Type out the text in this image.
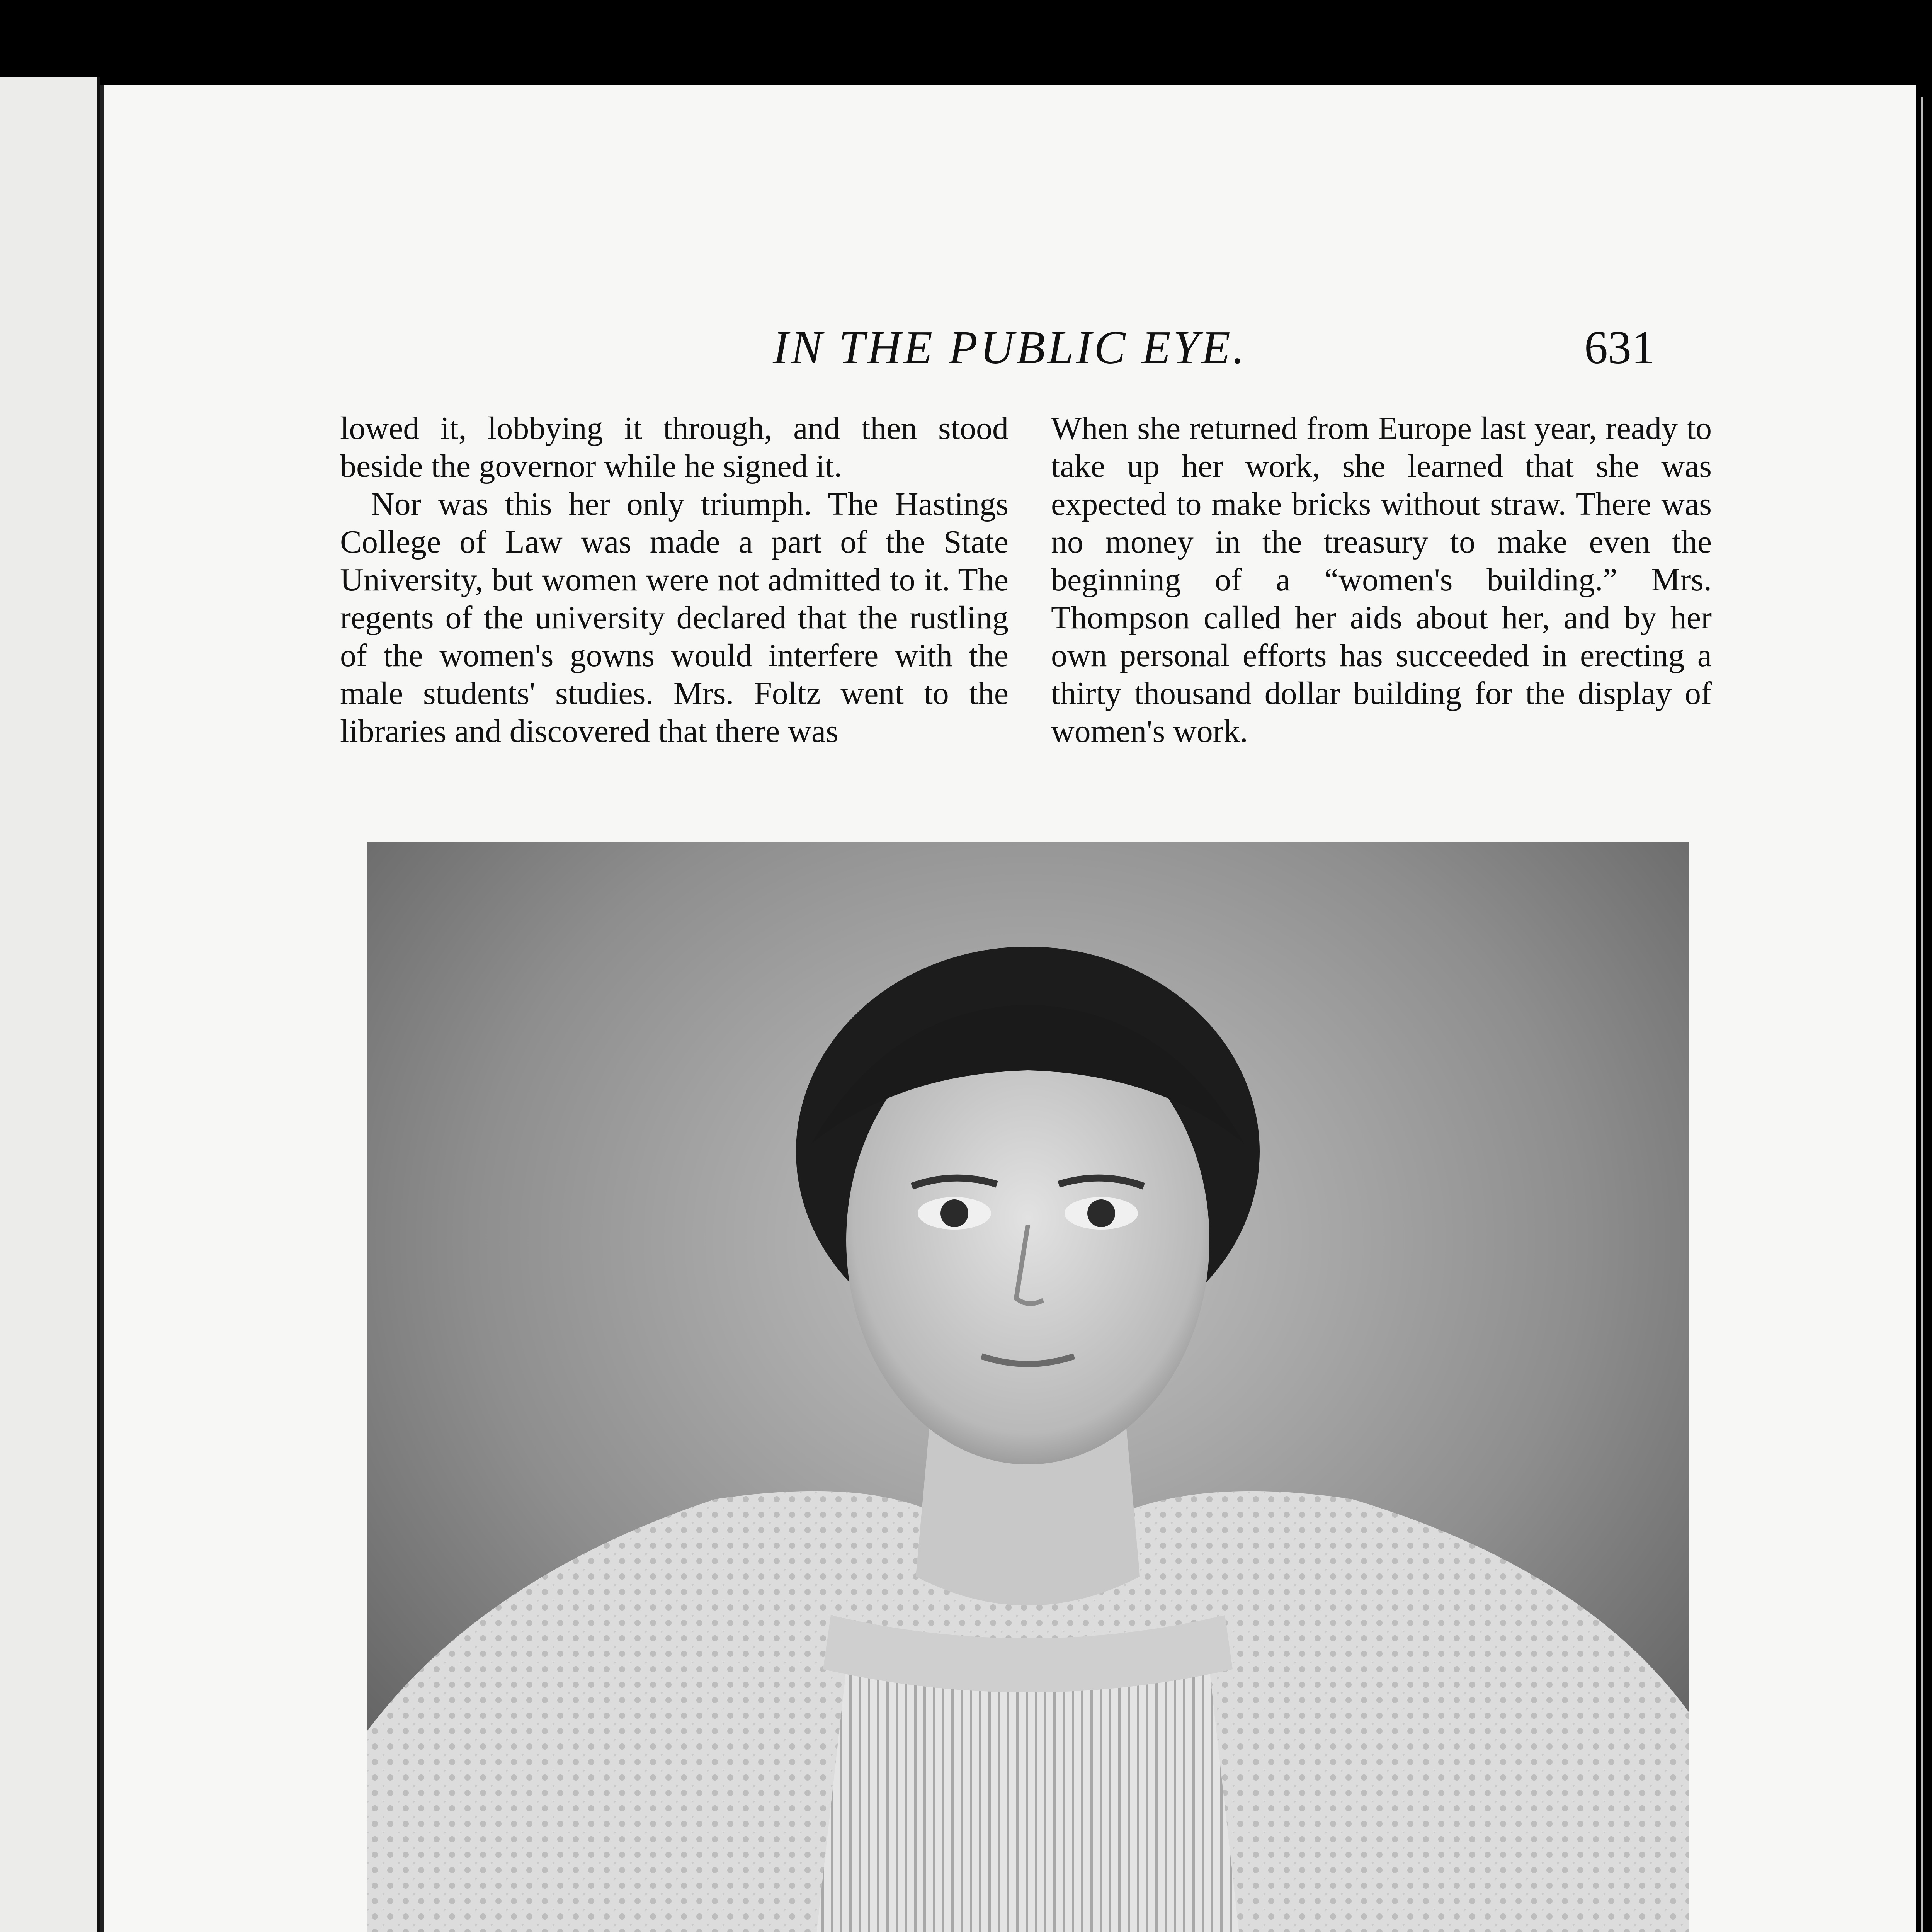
IN THE PUBLIC EYE.	631

lowed it, lobbying it through, and then stood beside the governor while he signed it.

Nor was this her only triumph. The Hastings College of Law was made a part of the State University, but women were not admitted to it. The regents of the university declared that the rustling of the women's gowns would interfere with the male students' studies. Mrs. Foltz went to the libraries and discovered that there was

When she returned from Europe last year, ready to take up her work, she learned that she was expected to make bricks without straw. There was no money in the treasury to make even the beginning of a “women's building.” Mrs. Thompson called her aids about her, and by her own personal efforts has succeeded in erecting a thirty thousand dollar building for the display of women's work.
